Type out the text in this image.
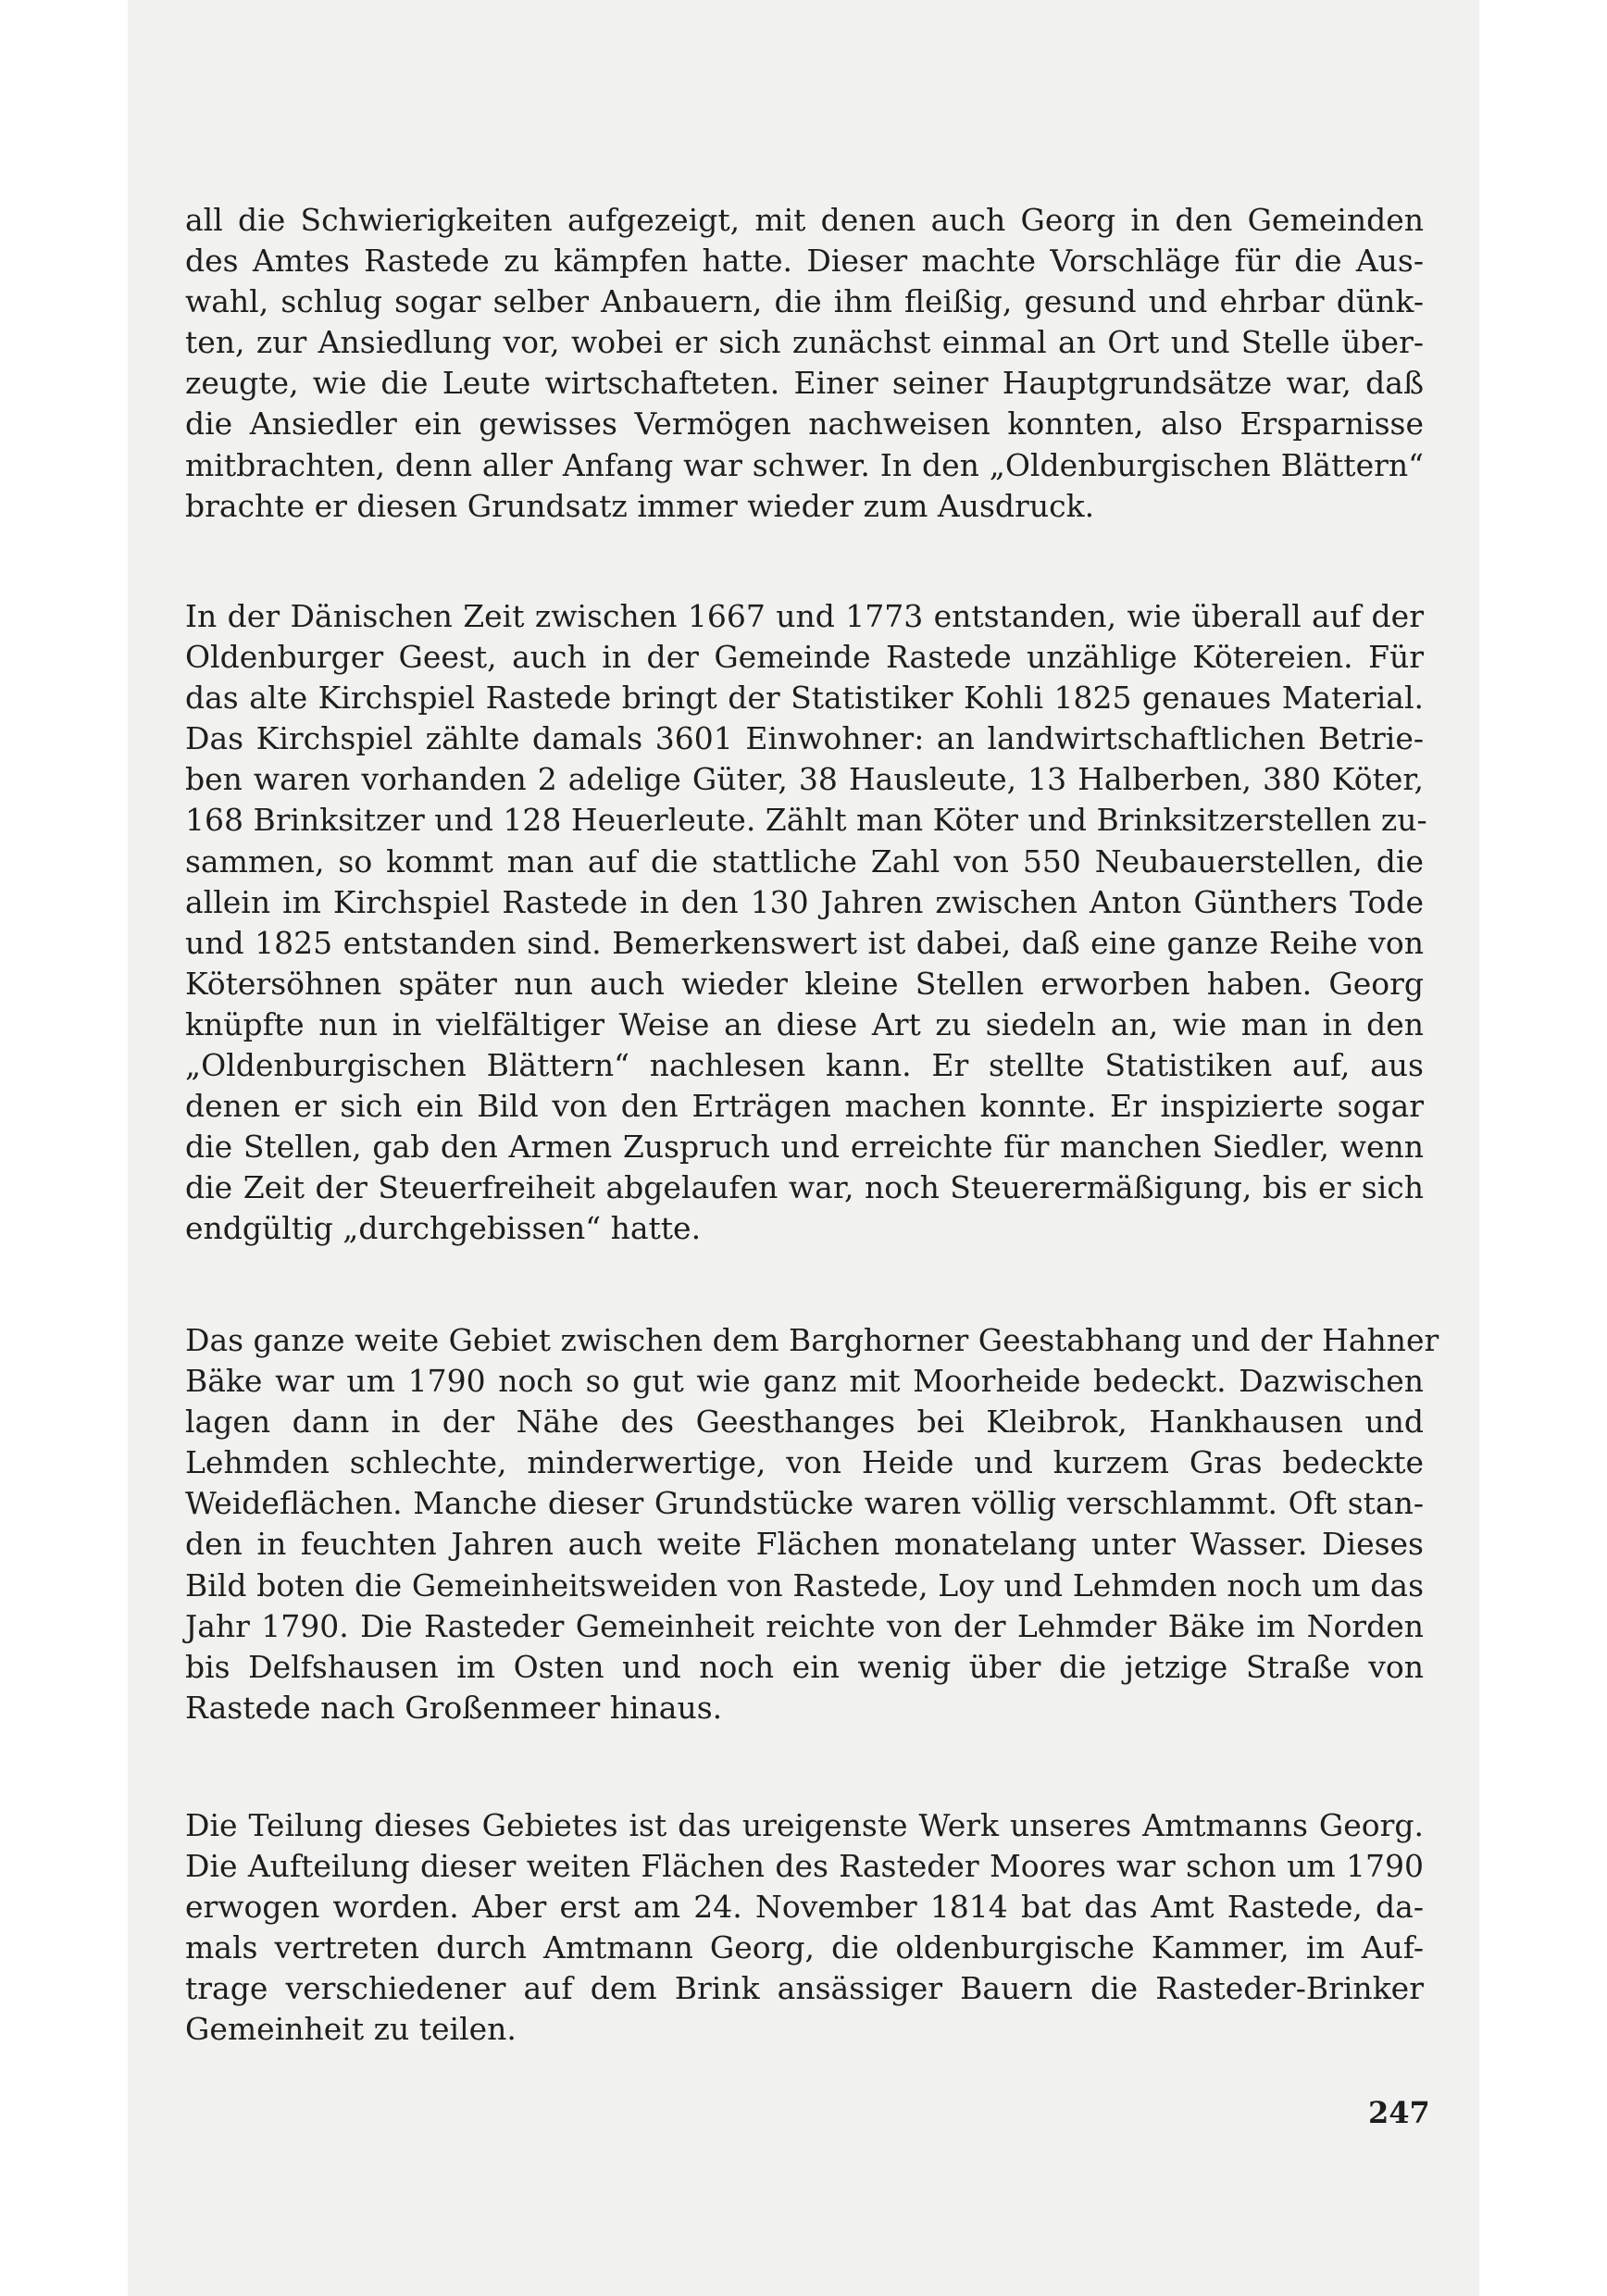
all die Schwierigkeiten aufgezeigt, mit denen auch Georg in den Gemeinden
des Amtes Rastede zu kämpfen hatte. Dieser machte Vorschläge für die Aus-
wahl, schlug sogar selber Anbauern, die ihm fleißig, gesund und ehrbar dünk-
ten, zur Ansiedlung vor, wobei er sich zunächst einmal an Ort und Stelle über-
zeugte, wie die Leute wirtschafteten. Einer seiner Hauptgrundsätze war, daß
die Ansiedler ein gewisses Vermögen nachweisen konnten, also Ersparnisse
mitbrachten, denn aller Anfang war schwer. In den „Oldenburgischen Blättern“
brachte er diesen Grundsatz immer wieder zum Ausdruck.
In der Dänischen Zeit zwischen 1667 und 1773 entstanden, wie überall auf der
Oldenburger Geest, auch in der Gemeinde Rastede unzählige Kötereien. Für
das alte Kirchspiel Rastede bringt der Statistiker Kohli 1825 genaues Material.
Das Kirchspiel zählte damals 3601 Einwohner: an landwirtschaftlichen Betrie-
ben waren vorhanden 2 adelige Güter, 38 Hausleute, 13 Halberben, 380 Köter,
168 Brinksitzer und 128 Heuerleute. Zählt man Köter und Brinksitzerstellen zu-
sammen, so kommt man auf die stattliche Zahl von 550 Neubauerstellen, die
allein im Kirchspiel Rastede in den 130 Jahren zwischen Anton Günthers Tode
und 1825 entstanden sind. Bemerkenswert ist dabei, daß eine ganze Reihe von
Kötersöhnen später nun auch wieder kleine Stellen erworben haben. Georg
knüpfte nun in vielfältiger Weise an diese Art zu siedeln an, wie man in den
„Oldenburgischen Blättern“ nachlesen kann. Er stellte Statistiken auf, aus
denen er sich ein Bild von den Erträgen machen konnte. Er inspizierte sogar
die Stellen, gab den Armen Zuspruch und erreichte für manchen Siedler, wenn
die Zeit der Steuerfreiheit abgelaufen war, noch Steuerermäßigung, bis er sich
endgültig „durchgebissen“ hatte.
Das ganze weite Gebiet zwischen dem Barghorner Geestabhang und der Hahner
Bäke war um 1790 noch so gut wie ganz mit Moorheide bedeckt. Dazwischen
lagen dann in der Nähe des Geesthanges bei Kleibrok, Hankhausen und
Lehmden schlechte, minderwertige, von Heide und kurzem Gras bedeckte
Weideflächen. Manche dieser Grundstücke waren völlig verschlammt. Oft stan-
den in feuchten Jahren auch weite Flächen monatelang unter Wasser. Dieses
Bild boten die Gemeinheitsweiden von Rastede, Loy und Lehmden noch um das
Jahr 1790. Die Rasteder Gemeinheit reichte von der Lehmder Bäke im Norden
bis Delfshausen im Osten und noch ein wenig über die jetzige Straße von
Rastede nach Großenmeer hinaus.
Die Teilung dieses Gebietes ist das ureigenste Werk unseres Amtmanns Georg.
Die Aufteilung dieser weiten Flächen des Rasteder Moores war schon um 1790
erwogen worden. Aber erst am 24. November 1814 bat das Amt Rastede, da-
mals vertreten durch Amtmann Georg, die oldenburgische Kammer, im Auf-
trage verschiedener auf dem Brink ansässiger Bauern die Rasteder-Brinker
Gemeinheit zu teilen.
247
